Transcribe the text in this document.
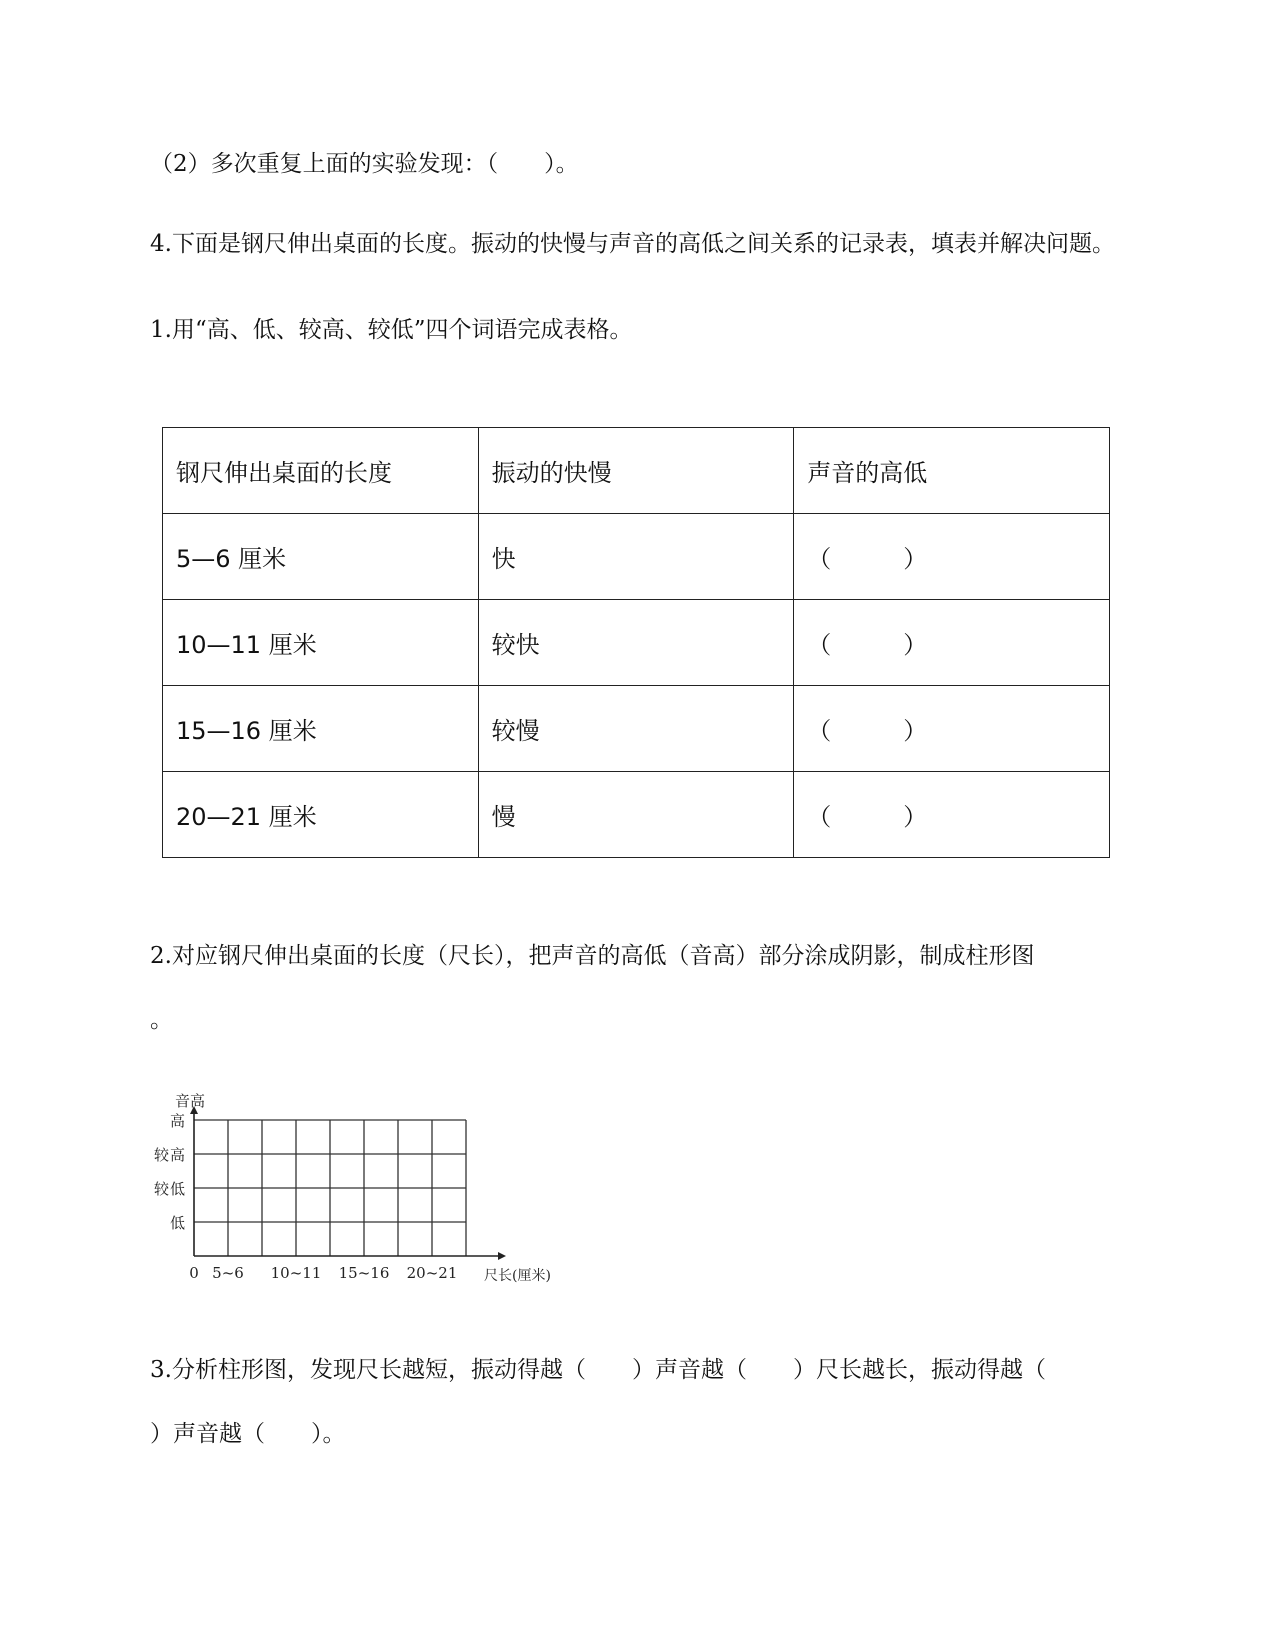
（2）多次重复上面的实验发现：（　　）。
4.下面是钢尺伸出桌面的长度。振动的快慢与声音的高低之间关系的记录表，填表并解决问题。
1.用“高、低、较高、较低”四个词语完成表格。
钢尺伸出桌面的长度	振动的快慢	声音的高低
5—6 厘米	快	（　　　）
10—11 厘米	较快	（　　　）
15—16 厘米	较慢	（　　　）
20—21 厘米	慢	（　　　）
2.对应钢尺伸出桌面的长度（尺长），把声音的高低（音高）部分涂成阴影，制成柱形图
。
音高
低
较低
较高
高
0 5~6 10~11 15~16 20~21 尺长(厘米)
3.分析柱形图，发现尺长越短，振动得越（　　）声音越（　　）尺长越长，振动得越（
）声音越（　　）。
